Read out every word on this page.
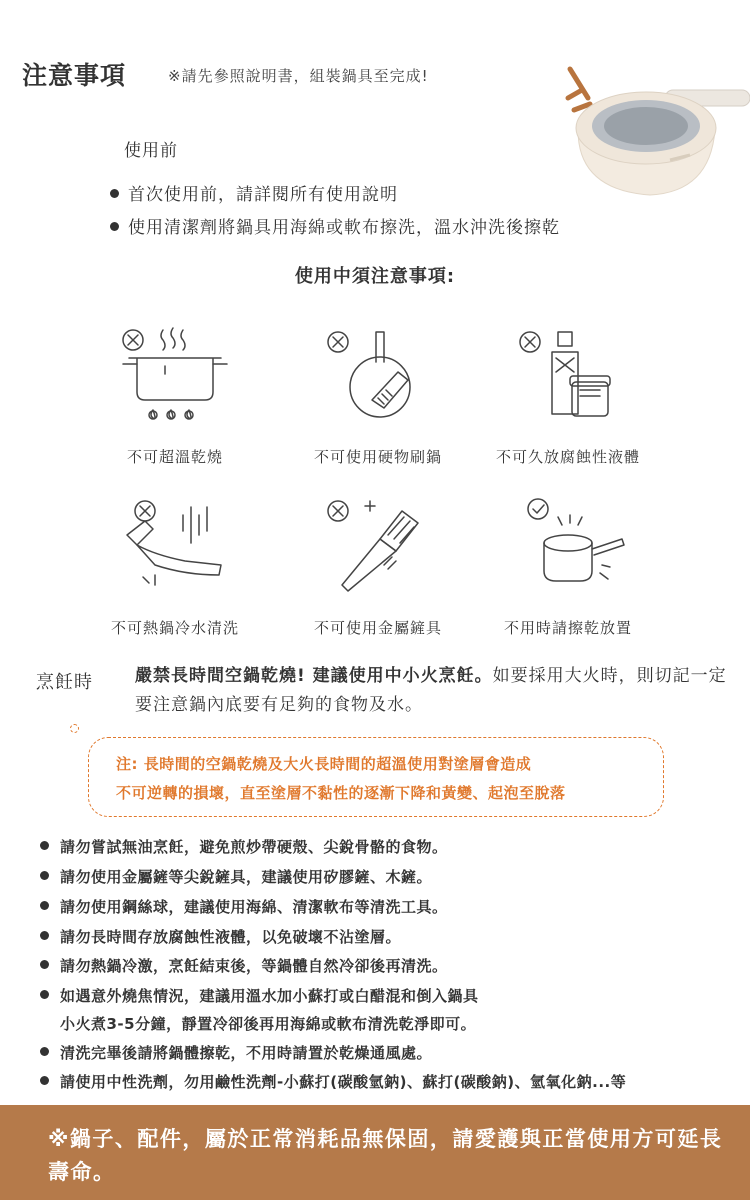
注意事項	※請先參照說明書，組裝鍋具至完成!
使用前
首次使用前，請詳閱所有使用說明
使用清潔劑將鍋具用海綿或軟布擦洗，溫水沖洗後擦乾
使用中須注意事項:
不可超溫乾燒	不可使用硬物刷鍋	不可久放腐蝕性液體
不可熱鍋冷水清洗	不可使用金屬鏟具	不用時請擦乾放置
烹飪時 嚴禁長時間空鍋乾燒! 建議使用中小火烹飪。如要採用大火時，則切記一定要注意鍋內底要有足夠的食物及水。
注: 長時間的空鍋乾燒及大火長時間的超溫使用對塗層會造成
不可逆轉的損壞，直至塗層不黏性的逐漸下降和黃變、起泡至脫落
請勿嘗試無油烹飪，避免煎炒帶硬殼、尖銳骨骼的食物。
請勿使用金屬鏟等尖銳鏟具，建議使用矽膠鏟、木鏟。
請勿使用鋼絲球，建議使用海綿、清潔軟布等清洗工具。
請勿長時間存放腐蝕性液體，以免破壞不沾塗層。
請勿熱鍋冷激，烹飪結束後，等鍋體自然冷卻後再清洗。
如遇意外燒焦情況，建議用溫水加小蘇打或白醋混和倒入鍋具
小火煮3-5分鐘，靜置冷卻後再用海綿或軟布清洗乾淨即可。
清洗完畢後請將鍋體擦乾，不用時請置於乾燥通風處。
請使用中性洗劑，勿用鹼性洗劑-小蘇打(碳酸氫鈉)、蘇打(碳酸鈉)、氫氧化鈉...等
※鍋子、配件，屬於正常消耗品無保固，請愛護與正當使用方可延長壽命。
